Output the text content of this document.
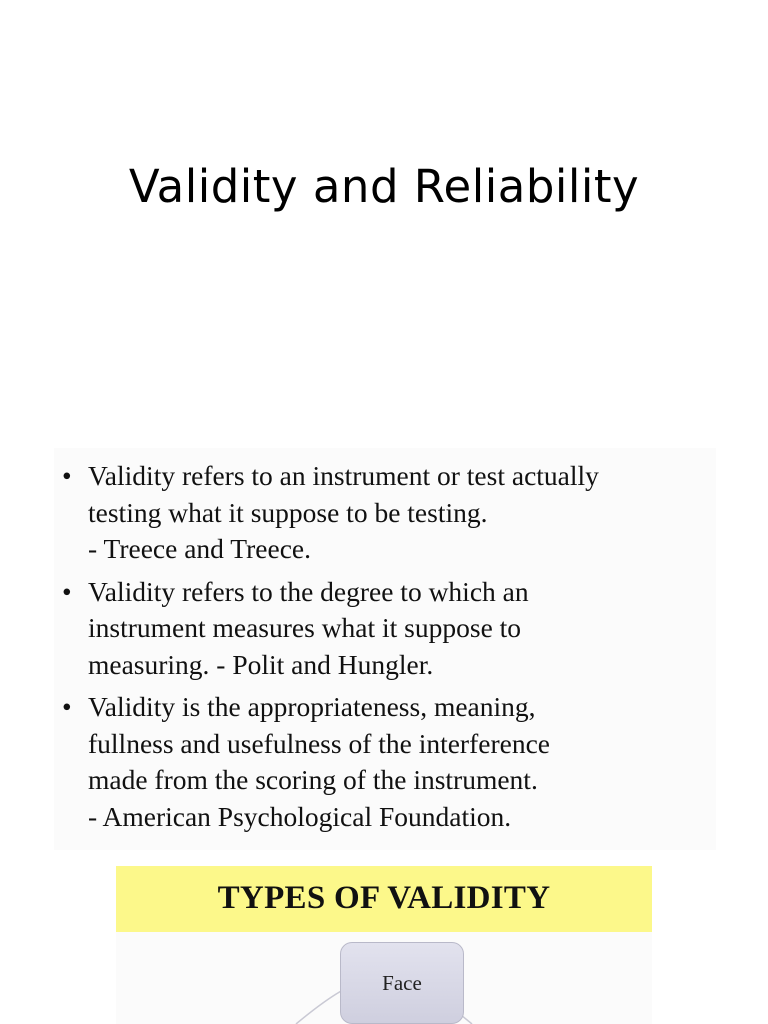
Validity and Reliability
• Validity refers to an instrument or test actually
testing what it suppose to be testing.
- Treece and Treece.
• Validity refers to the degree to which an
instrument measures what it suppose to
measuring. - Polit and Hungler.
• Validity is the appropriateness, meaning,
fullness and usefulness of the interference
made from the scoring of the instrument.
- American Psychological Foundation.
TYPES OF VALIDITY
Face
